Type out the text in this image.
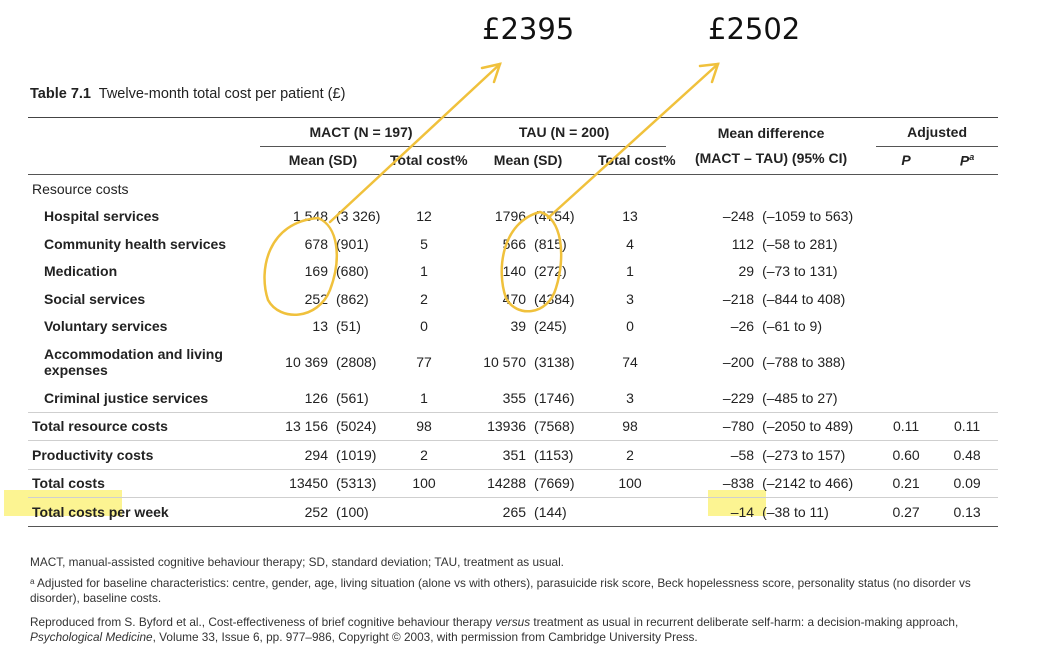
£2395	£2502
Table 7.1 Twelve-month total cost per patient (£)
	MACT (N = 197)			TAU (N = 200)			Mean difference
(MACT – TAU) (95% CI)		Adjusted	
	Mean (SD)		Total cost%	Mean (SD)		Total cost%			P	$P^a$
Resource costs										
Hospital services	1 548	(3 326)	12	1796	(4754)	13	–248	(–1059 to 563)		
Community health services	678	(901)	5	566	(815)	4	112	(–58 to 281)		
Medication	169	(680)	1	140	(272)	1	29	(–73 to 131)		
Social services	252	(862)	2	470	(4384)	3	–218	(–844 to 408)		
Voluntary services	13	(51)	0	39	(245)	0	–26	(–61 to 9)		
Accommodation and living
expenses	10 369	(2808)	77	10 570	(3138)	74	–200	(–788 to 388)		
Criminal justice services	126	(561)	1	355	(1746)	3	–229	(–485 to 27)		
Total resource costs	13 156	(5024)	98	13936	(7568)	98	–780	(–2050 to 489)	0.11	0.11
Productivity costs	294	(1019)	2	351	(1153)	2	–58	(–273 to 157)	0.60	0.48
Total costs	13450	(5313)	100	14288	(7669)	100	–838	(–2142 to 466)	0.21	0.09
Total costs per week	252	(100)		265	(144)		–14	(–38 to 11)	0.27	0.13
MACT, manual-assisted cognitive behaviour therapy; SD, standard deviation; TAU, treatment as usual.
ᵃ Adjusted for baseline characteristics: centre, gender, age, living situation (alone vs with others), parasuicide risk score, Beck hopelessness score, personality status (no disorder vs disorder), baseline costs.
Reproduced from S. Byford et al., Cost-effectiveness of brief cognitive behaviour therapy versus treatment as usual in recurrent deliberate self-harm: a decision-making approach, Psychological Medicine, Volume 33, Issue 6, pp. 977–986, Copyright © 2003, with permission from Cambridge University Press.
